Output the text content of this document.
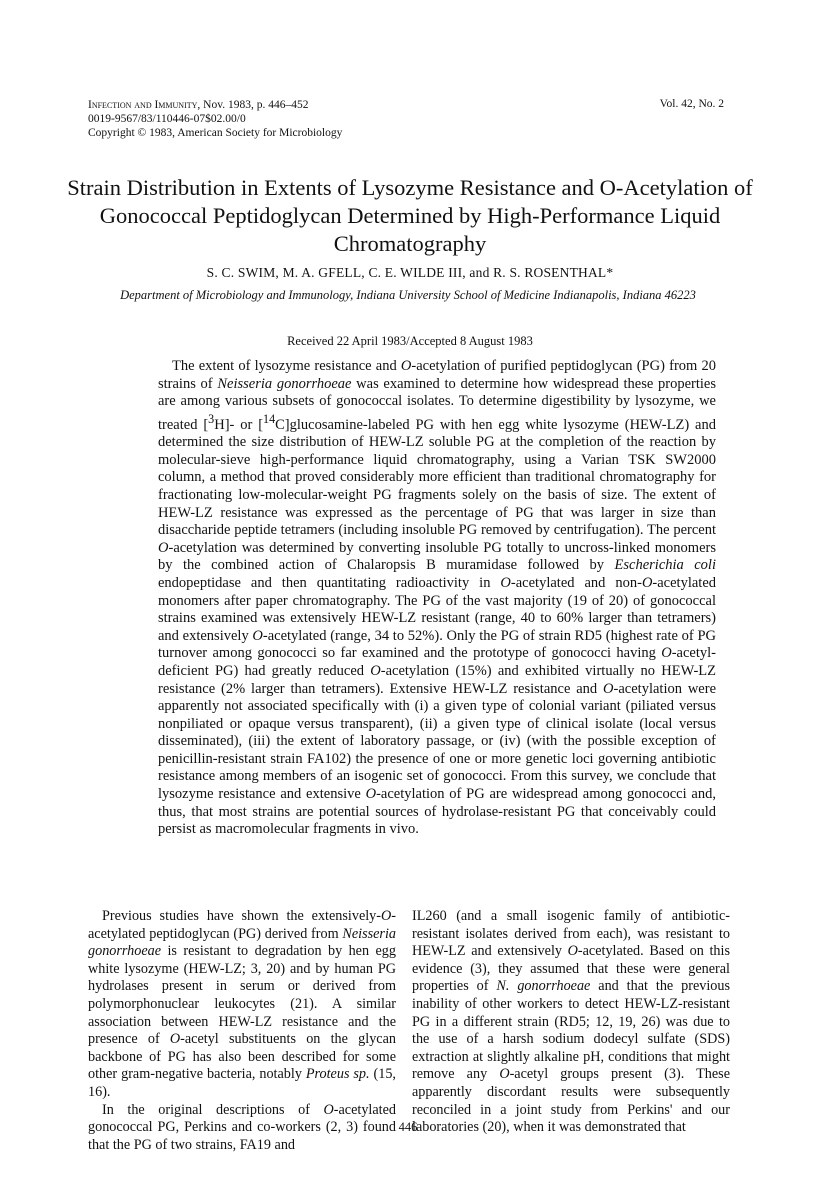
Infection and Immunity, Nov. 1983, p. 446–452
0019-9567/83/110446-07$02.00/0
Copyright © 1983, American Society for Microbiology
Vol. 42, No. 2
Strain Distribution in Extents of Lysozyme Resistance and O-Acetylation of Gonococcal Peptidoglycan Determined by High-Performance Liquid Chromatography
S. C. SWIM, M. A. GFELL, C. E. WILDE III, and R. S. ROSENTHAL*
Department of Microbiology and Immunology, Indiana University School of Medicine Indianapolis, Indiana 46223
Received 22 April 1983/Accepted 8 August 1983

The extent of lysozyme resistance and O-acetylation of purified peptidoglycan (PG) from 20 strains of Neisseria gonorrhoeae was examined to determine how widespread these properties are among various subsets of gonococcal isolates. To determine digestibility by lysozyme, we treated [$^3$H]- or [$^{14}$C]glucosamine-labeled PG with hen egg white lysozyme (HEW-LZ) and determined the size distribution of HEW-LZ soluble PG at the completion of the reaction by molecular-sieve high-performance liquid chromatography, using a Varian TSK SW2000 column, a method that proved considerably more efficient than traditional chromatography for fractionating low-molecular-weight PG fragments solely on the basis of size. The extent of HEW-LZ resistance was expressed as the percentage of PG that was larger in size than disaccharide peptide tetramers (including insoluble PG removed by centrifugation). The percent O-acetylation was determined by converting insoluble PG totally to uncross-linked monomers by the combined action of Chalaropsis B muramidase followed by Escherichia coli endopeptidase and then quantitating radioactivity in O-acetylated and non-O-acetylated monomers after paper chromatography. The PG of the vast majority (19 of 20) of gonococcal strains examined was extensively HEW-LZ resistant (range, 40 to 60% larger than tetramers) and extensively O-acetylated (range, 34 to 52%). Only the PG of strain RD5 (highest rate of PG turnover among gonococci so far examined and the prototype of gonococci having O-acetyl-deficient PG) had greatly reduced O-acetylation (15%) and exhibited virtually no HEW-LZ resistance (2% larger than tetramers). Extensive HEW-LZ resistance and O-acetylation were apparently not associated specifically with (i) a given type of colonial variant (piliated versus nonpiliated or opaque versus transparent), (ii) a given type of clinical isolate (local versus disseminated), (iii) the extent of laboratory passage, or (iv) (with the possible exception of penicillin-resistant strain FA102) the presence of one or more genetic loci governing antibiotic resistance among members of an isogenic set of gonococci. From this survey, we conclude that lysozyme resistance and extensive O-acetylation of PG are widespread among gonococci and, thus, that most strains are potential sources of hydrolase-resistant PG that conceivably could persist as macromolecular fragments in vivo.

Previous studies have shown the extensively-O-acetylated peptidoglycan (PG) derived from Neisseria gonorrhoeae is resistant to degradation by hen egg white lysozyme (HEW-LZ; 3, 20) and by human PG hydrolases present in serum or derived from polymorphonuclear leukocytes (21). A similar association between HEW-LZ resistance and the presence of O-acetyl substituents on the glycan backbone of PG has also been described for some other gram-negative bacteria, notably Proteus sp. (15, 16).

In the original descriptions of O-acetylated gonococcal PG, Perkins and co-workers (2, 3) found that the PG of two strains, FA19 and

IL260 (and a small isogenic family of antibiotic-resistant isolates derived from each), was resistant to HEW-LZ and extensively O-acetylated. Based on this evidence (3), they assumed that these were general properties of N. gonorrhoeae and that the previous inability of other workers to detect HEW-LZ-resistant PG in a different strain (RD5; 12, 19, 26) was due to the use of a harsh sodium dodecyl sulfate (SDS) extraction at slightly alkaline pH, conditions that might remove any O-acetyl groups present (3). These apparently discordant results were subsequently reconciled in a joint study from Perkins' and our laboratories (20), when it was demonstrated that

446
